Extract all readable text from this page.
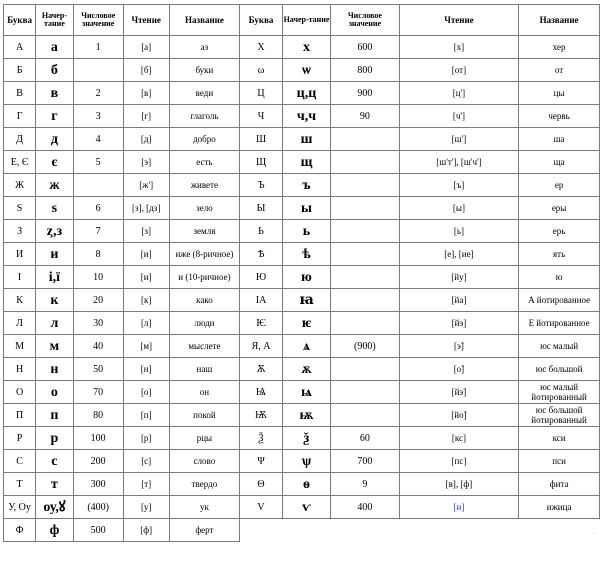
Буква	Начер-тание	Числовое значение	Чтение	Название	Буква	Начер-тание	Числовое значение	Чтение	Название
А	а	1	[а]	аз	Х	х	600	[х]	хер
Б	б		[б]	буки	ω	ѡ	800	[от]	от
В	в	2	[в]	веди	Ц	ц,ц	900	[ц']	цы
Г	г	3	[г]	глаголь	Ч	ч,ч	90	[ч']	червь
Д	д	4	[д]	добро	Ш	ш		[ш']	ша
Е, Є	є	5	[э]	есть	Щ	щ		[ш'т'], [ш'ч']	ща
Ж	ж		[ж']	живете	Ъ	ъ		[ъ]	ер
S	ѕ	6	[з], [дз]	зело	Ы	ы		[ы]	еры
З	ȥ,з	7	[з]	земля	Ь	ь		[ь]	ерь
И	и	8	[и]	иже (8-ричное)	Ѣ	ѣ		[е], [ие]	ять
І	і,ї	10	[и]	и (10-ричное)	Ю	ю		[йу]	ю
К	к	20	[к]	како	ІА	ꙗ		[йа]	А йотированное
Л	л	30	[л]	люди	Ѥ	ѥ		[йэ]	Е йотированное
М	м	40	[м]	мыслете	Я, А	ѧ	(900)	[э̃]	юс малый
Н	н	50	[н]	наш	Ѫ	ѫ		[о̃]	юс большой
О	о	70	[о]	он	Ѩ	ѩ		[йэ̃]	юс малый йотированный
П	п	80	[п]	покой	Ѭ	ѭ		[йо̃]	юс большой йотированный
Р	р	100	[р]	рцы	Ѯ	ѯ	60	[кс]	кси
С	с	200	[с]	слово	Ψ	ѱ	700	[пс]	пси
Т	т	300	[т]	твердо	Θ	ѳ	9	[в], [ф]	фита
У, Оу	оу,ꙋ	(400)	[у]	ук	V	ѵ	400	[и]	ижица
Ф	ф	500	[ф]	ферт						.
